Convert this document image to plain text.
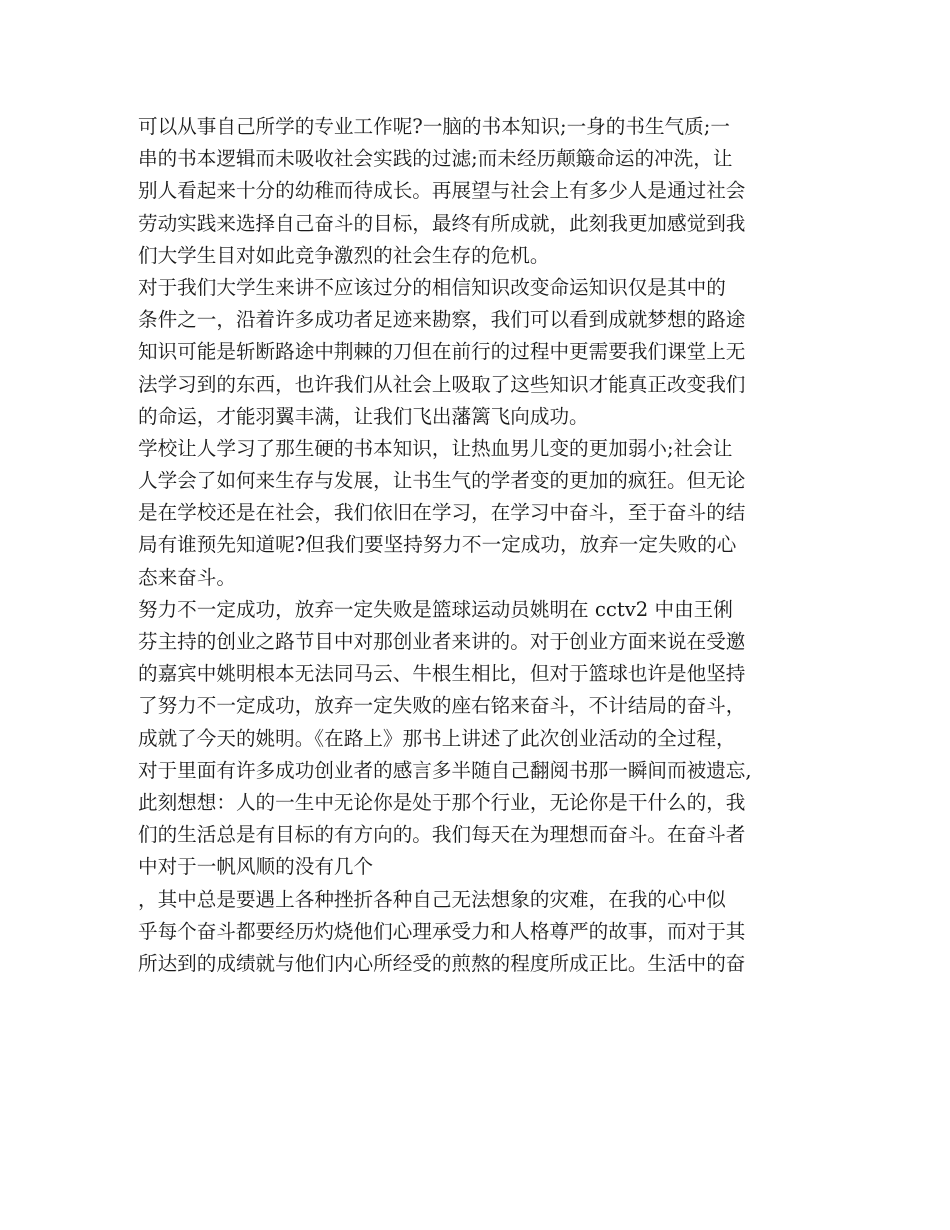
可以从事自己所学的专业工作呢?一脑的书本知识;一身的书生气质;一
串的书本逻辑而未吸收社会实践的过滤;而未经历颠簸命运的冲洗，让
别人看起来十分的幼稚而待成长。再展望与社会上有多少人是通过社会
劳动实践来选择自己奋斗的目标，最终有所成就，此刻我更加感觉到我
们大学生目对如此竞争激烈的社会生存的危机。
对于我们大学生来讲不应该过分的相信知识改变命运知识仅是其中的
条件之一，沿着许多成功者足迹来勘察，我们可以看到成就梦想的路途
知识可能是斩断路途中荆棘的刀但在前行的过程中更需要我们课堂上无
法学习到的东西，也许我们从社会上吸取了这些知识才能真正改变我们
的命运，才能羽翼丰满，让我们飞出藩篱飞向成功。
学校让人学习了那生硬的书本知识，让热血男儿变的更加弱小;社会让
人学会了如何来生存与发展，让书生气的学者变的更加的疯狂。但无论
是在学校还是在社会，我们依旧在学习，在学习中奋斗，至于奋斗的结
局有谁预先知道呢?但我们要坚持努力不一定成功，放弃一定失败的心
态来奋斗。
努力不一定成功，放弃一定失败是篮球运动员姚明在 cctv2 中由王俐
芬主持的创业之路节目中对那创业者来讲的。对于创业方面来说在受邀
的嘉宾中姚明根本无法同马云、牛根生相比，但对于篮球也许是他坚持
了努力不一定成功，放弃一定失败的座右铭来奋斗，不计结局的奋斗，
成就了今天的姚明。《在路上》那书上讲述了此次创业活动的全过程，
对于里面有许多成功创业者的感言多半随自己翻阅书那一瞬间而被遗忘,
此刻想想：人的一生中无论你是处于那个行业，无论你是干什么的，我
们的生活总是有目标的有方向的。我们每天在为理想而奋斗。在奋斗者
中对于一帆风顺的没有几个
，其中总是要遇上各种挫折各种自己无法想象的灾难，在我的心中似
乎每个奋斗都要经历灼烧他们心理承受力和人格尊严的故事，而对于其
所达到的成绩就与他们内心所经受的煎熬的程度所成正比。生活中的奋
